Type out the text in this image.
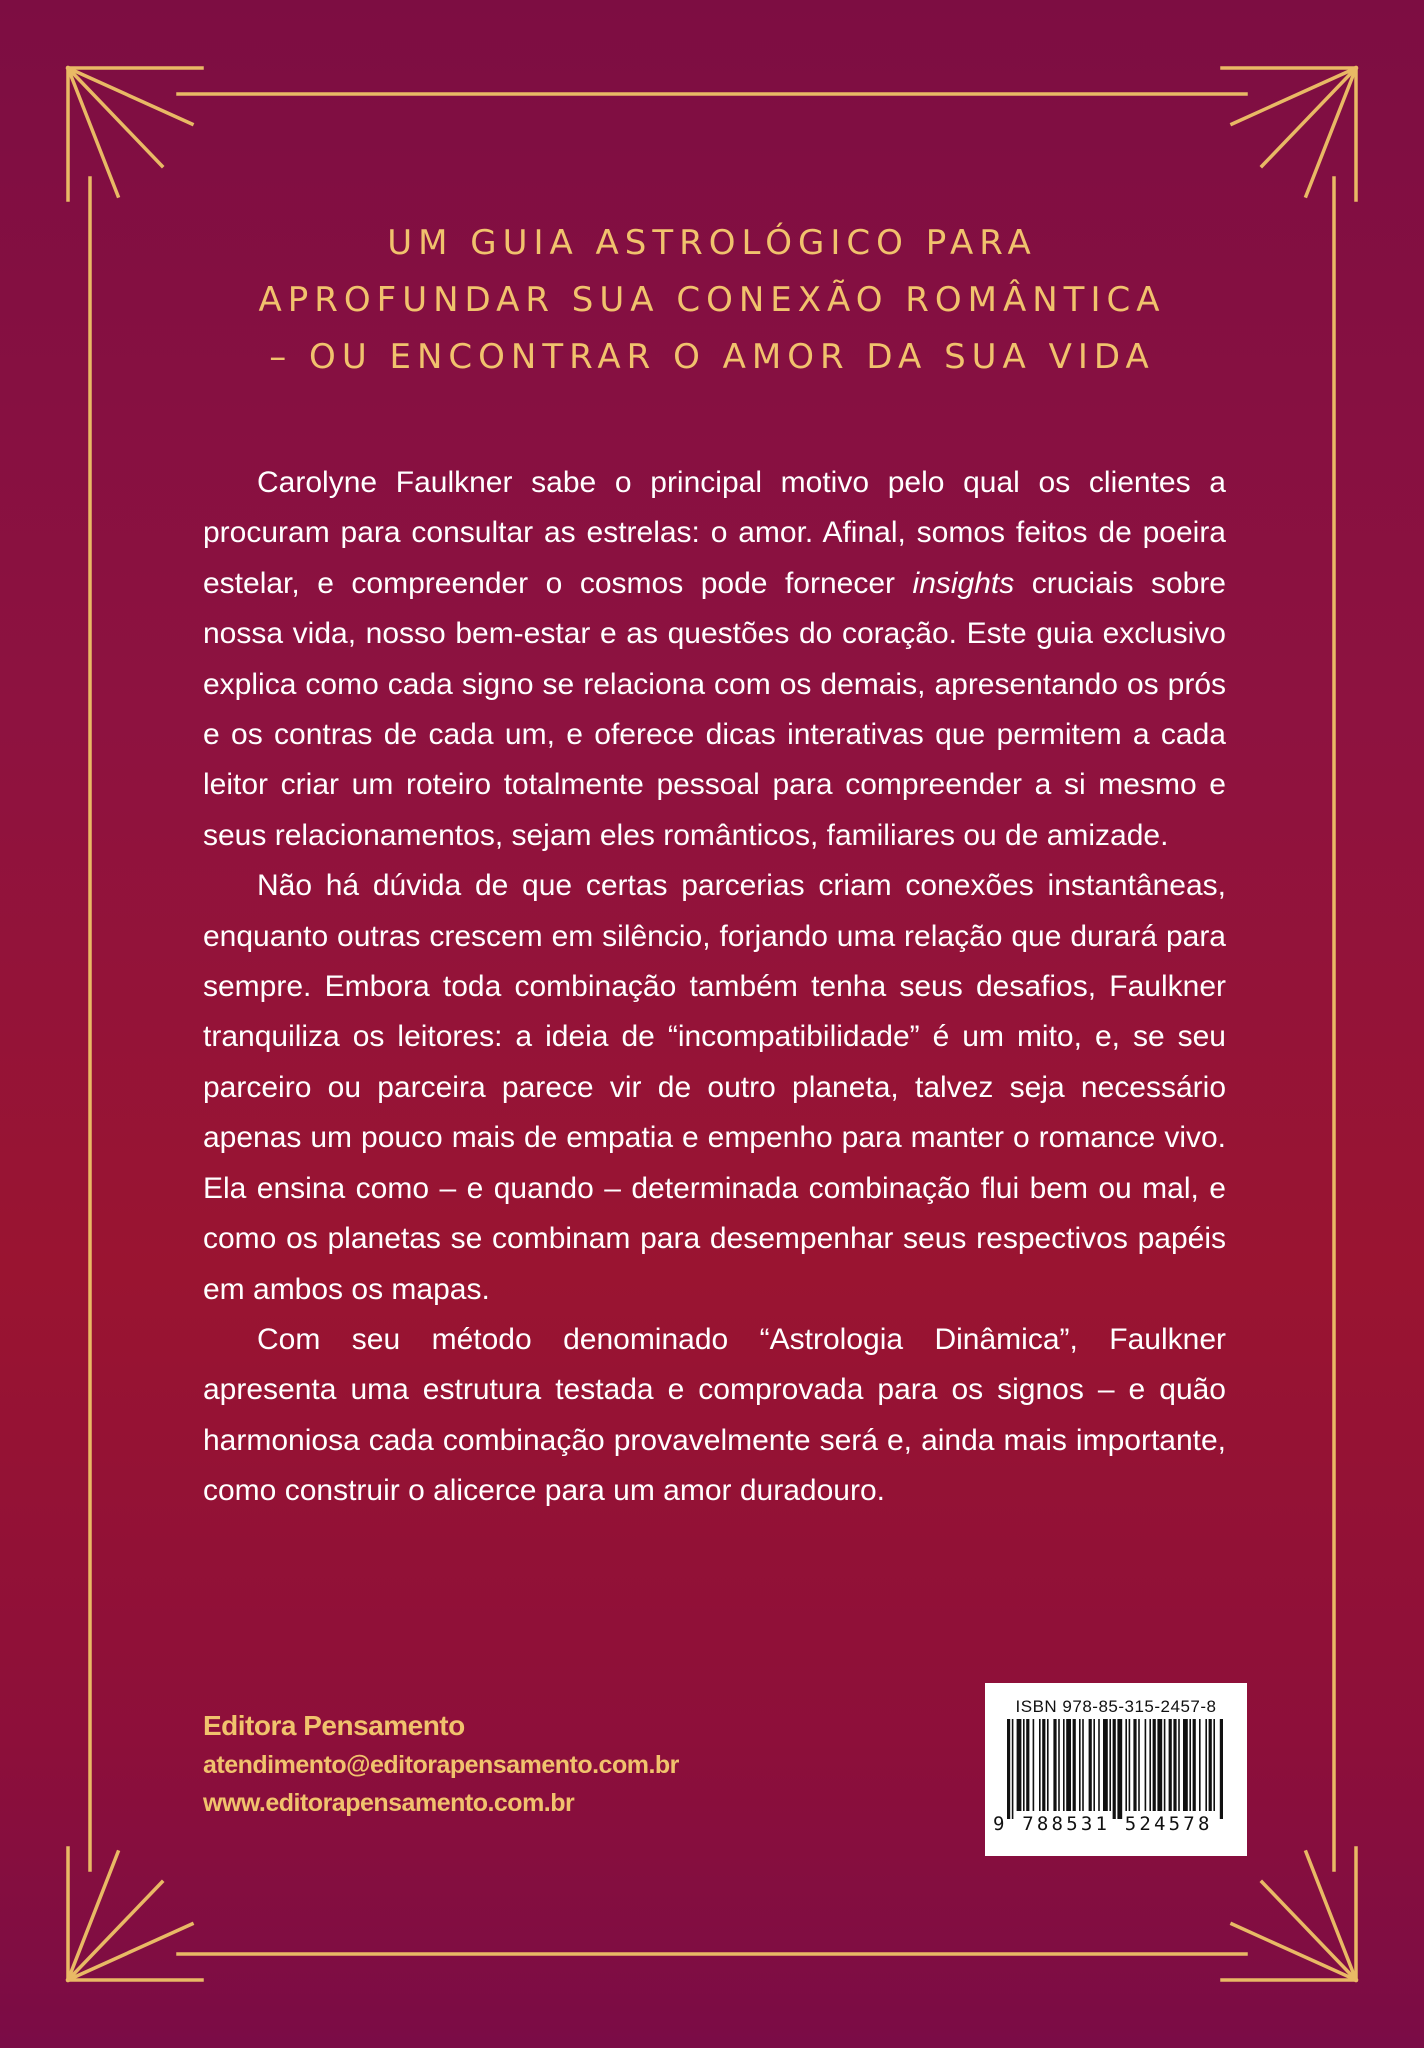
UM GUIA ASTROLÓGICO PARA
APROFUNDAR SUA CONEXÃO ROMÂNTICA
– OU ENCONTRAR O AMOR DA SUA VIDA

Carolyne Faulkner sabe o principal motivo pelo qual os clientes a procuram para consultar as estrelas: o amor. Afinal, somos feitos de poeira estelar, e compreender o cosmos pode fornecer insights cruciais sobre nossa vida, nosso bem-estar e as questões do coração. Este guia exclusivo explica como cada signo se relaciona com os demais, apresentando os prós e os contras de cada um, e oferece dicas interativas que permitem a cada leitor criar um roteiro totalmente pessoal para compreender a si mesmo e seus relacionamentos, sejam eles românticos, familiares ou de amizade.

Não há dúvida de que certas parcerias criam conexões instantâneas, enquanto outras crescem em silêncio, forjando uma relação que durará para sempre. Embora toda combinação também tenha seus desafios, Faulkner tranquiliza os leitores: a ideia de “incompatibilidade” é um mito, e, se seu parceiro ou parceira parece vir de outro planeta, talvez seja necessário apenas um pouco mais de empatia e empenho para manter o romance vivo. Ela ensina como – e quando – determinada combinação flui bem ou mal, e como os planetas se combinam para desempenhar seus respectivos papéis em ambos os mapas.

Com seu método denominado “Astrologia Dinâmica”, Faulkner apresenta uma estrutura testada e comprovada para os signos – e quão harmoniosa cada combinação provavelmente será e, ainda mais importante, como construir o alicerce para um amor duradouro.

Editora Pensamento
atendimento@editorapensamento.com.br
www.editorapensamento.com.br
ISBN 978-85-315-2457-8
9 788531 524578
